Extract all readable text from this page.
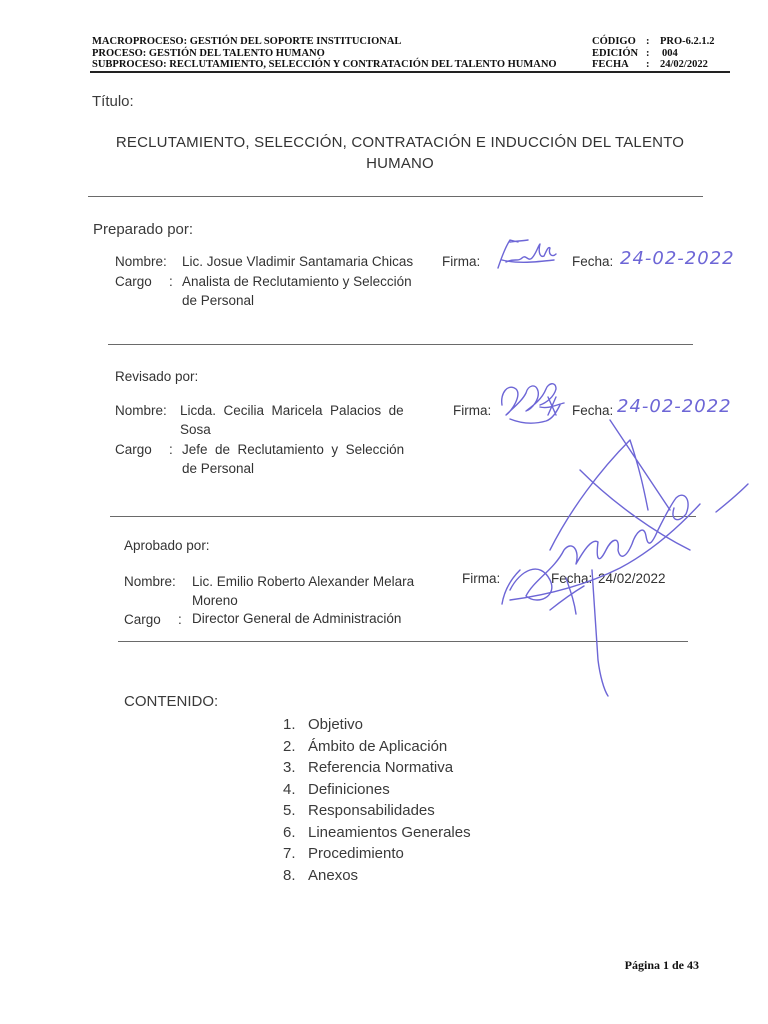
MACROPROCESO: GESTIÓN DEL SOPORTE INSTITUCIONAL
PROCESO: GESTIÓN DEL TALENTO HUMANO
SUBPROCESO: RECLUTAMIENTO, SELECCIÓN Y CONTRATACIÓN DEL TALENTO HUMANO
CÓDIGO : PRO-6.2.1.2
EDICIÓN : 004
FECHA : 24/02/2022
Título:
RECLUTAMIENTO, SELECCIÓN, CONTRATACIÓN E INDUCCIÓN DEL TALENTO
HUMANO
Preparado por:
Nombre: Lic. Josue Vladimir Santamaria Chicas
Cargo : Analista de Reclutamiento y Selección
de Personal
Firma:	Fecha: 24-02-2022
Revisado por:
Nombre: Licda.  Cecilia  Maricela  Palacios  de
Sosa
Cargo : Jefe  de  Reclutamiento  y  Selección
de Personal
Firma:	Fecha: 24-02-2022
Aprobado por:
Nombre: Lic. Emilio Roberto Alexander Melara
Moreno
Cargo : Director General de Administración
Firma:	Fecha: 24/02/2022
CONTENIDO:
1. Objetivo
2. Ámbito de Aplicación
3. Referencia Normativa
4. Definiciones
5. Responsabilidades
6. Lineamientos Generales
7. Procedimiento
8. Anexos
Página 1 de 43
